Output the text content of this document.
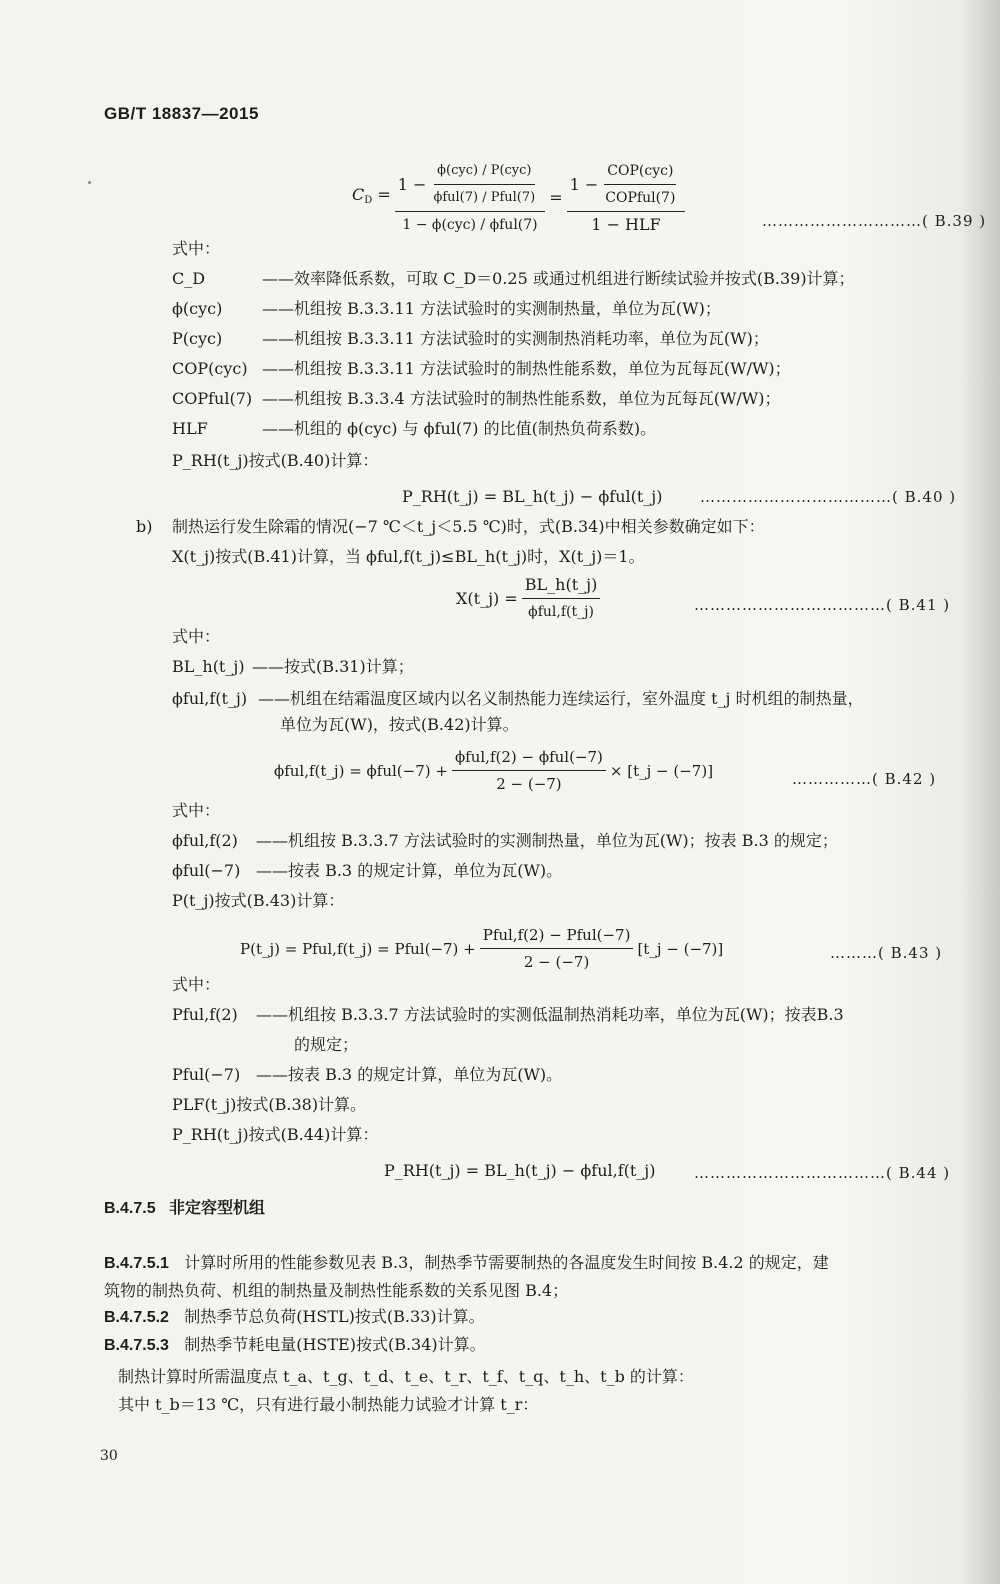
GB/T 18837—2015
$C_D$ =
$1 - \frac{\text{ϕ(cyc) / P(cyc)}}{\text{ϕful(7) / Pful(7)}}$
1 − ϕ(cyc) / ϕful(7)
= $\frac{1 - \frac{\text{COP(cyc)}}{\text{COPful(7)}}}{\text{1 − HLF}}$	…………………………( B.39 )
式中：
C_D	——效率降低系数，可取 C_D＝0.25 或通过机组进行断续试验并按式(B.39)计算；
ϕ(cyc) ——机组按 B.3.3.11 方法试验时的实测制热量，单位为瓦(W)；
P(cyc) ——机组按 B.3.3.11 方法试验时的实测制热消耗功率，单位为瓦(W)；
COP(cyc) ——机组按 B.3.3.11 方法试验时的制热性能系数，单位为瓦每瓦(W/W)；
COPful(7) ——机组按 B.3.3.4 方法试验时的制热性能系数，单位为瓦每瓦(W/W)；
HLF	——机组的 ϕ(cyc) 与 ϕful(7) 的比值(制热负荷系数)。
P_RH(t_j)按式(B.40)计算：
P_RH(t_j) = BL_h(t_j) − ϕful(t_j)	………………………………( B.40 )
b) 制热运行发生除霜的情况(−7 ℃＜t_j＜5.5 ℃)时，式(B.34)中相关参数确定如下：
X(t_j)按式(B.41)计算，当 ϕful,f(t_j)≤BL_h(t_j)时，X(t_j)＝1。
X(t_j) = $\frac{BL\_h(t\_j)}{\text{ϕful,f(t\_j)}}$	………………………………( B.41 )
式中：
BL_h(t_j) ——按式(B.31)计算；
ϕful,f(t_j) ——机组在结霜温度区域内以名义制热能力连续运行，室外温度 t_j 时机组的制热量，
单位为瓦(W)，按式(B.42)计算。
ϕful,f(t_j) = $\phi ful(-7) + \frac{\text{ϕful,f(2) − ϕful(−7)}}{2 - (-7)}$ × [t_j − (−7)]	……………( B.42 )
式中：
ϕful,f(2) ——机组按 B.3.3.7 方法试验时的实测制热量，单位为瓦(W)；按表 B.3 的规定；
ϕful(−7) ——按表 B.3 的规定计算，单位为瓦(W)。
P(t_j)按式(B.43)计算：
P(t_j) = Pful,f(t_j) = Pful(−7) + $\frac{\text{Pful,f(2) − Pful(−7)}}{2 - (-7)}$ [t_j − (−7)]	………( B.43 )
式中：
Pful,f(2) ——机组按 B.3.3.7 方法试验时的实测低温制热消耗功率，单位为瓦(W)；按表B.3
的规定；
Pful(−7) ——按表 B.3 的规定计算，单位为瓦(W)。
PLF(t_j)按式(B.38)计算。
P_RH(t_j)按式(B.44)计算：
P_RH(t_j) = BL_h(t_j) − ϕful,f(t_j)	………………………………( B.44 )
B.4.7.5 非定容型机组
B.4.7.5.1 计算时所用的性能参数见表 B.3，制热季节需要制热的各温度发生时间按 B.4.2 的规定，建
筑物的制热负荷、机组的制热量及制热性能系数的关系见图 B.4；
B.4.7.5.2 制热季节总负荷(HSTL)按式(B.33)计算。
B.4.7.5.3 制热季节耗电量(HSTE)按式(B.34)计算。
制热计算时所需温度点 t_a、t_g、t_d、t_e、t_r、t_f、t_q、t_h、t_b 的计算：
其中 t_b＝13 ℃，只有进行最小制热能力试验才计算 t_r：
30
